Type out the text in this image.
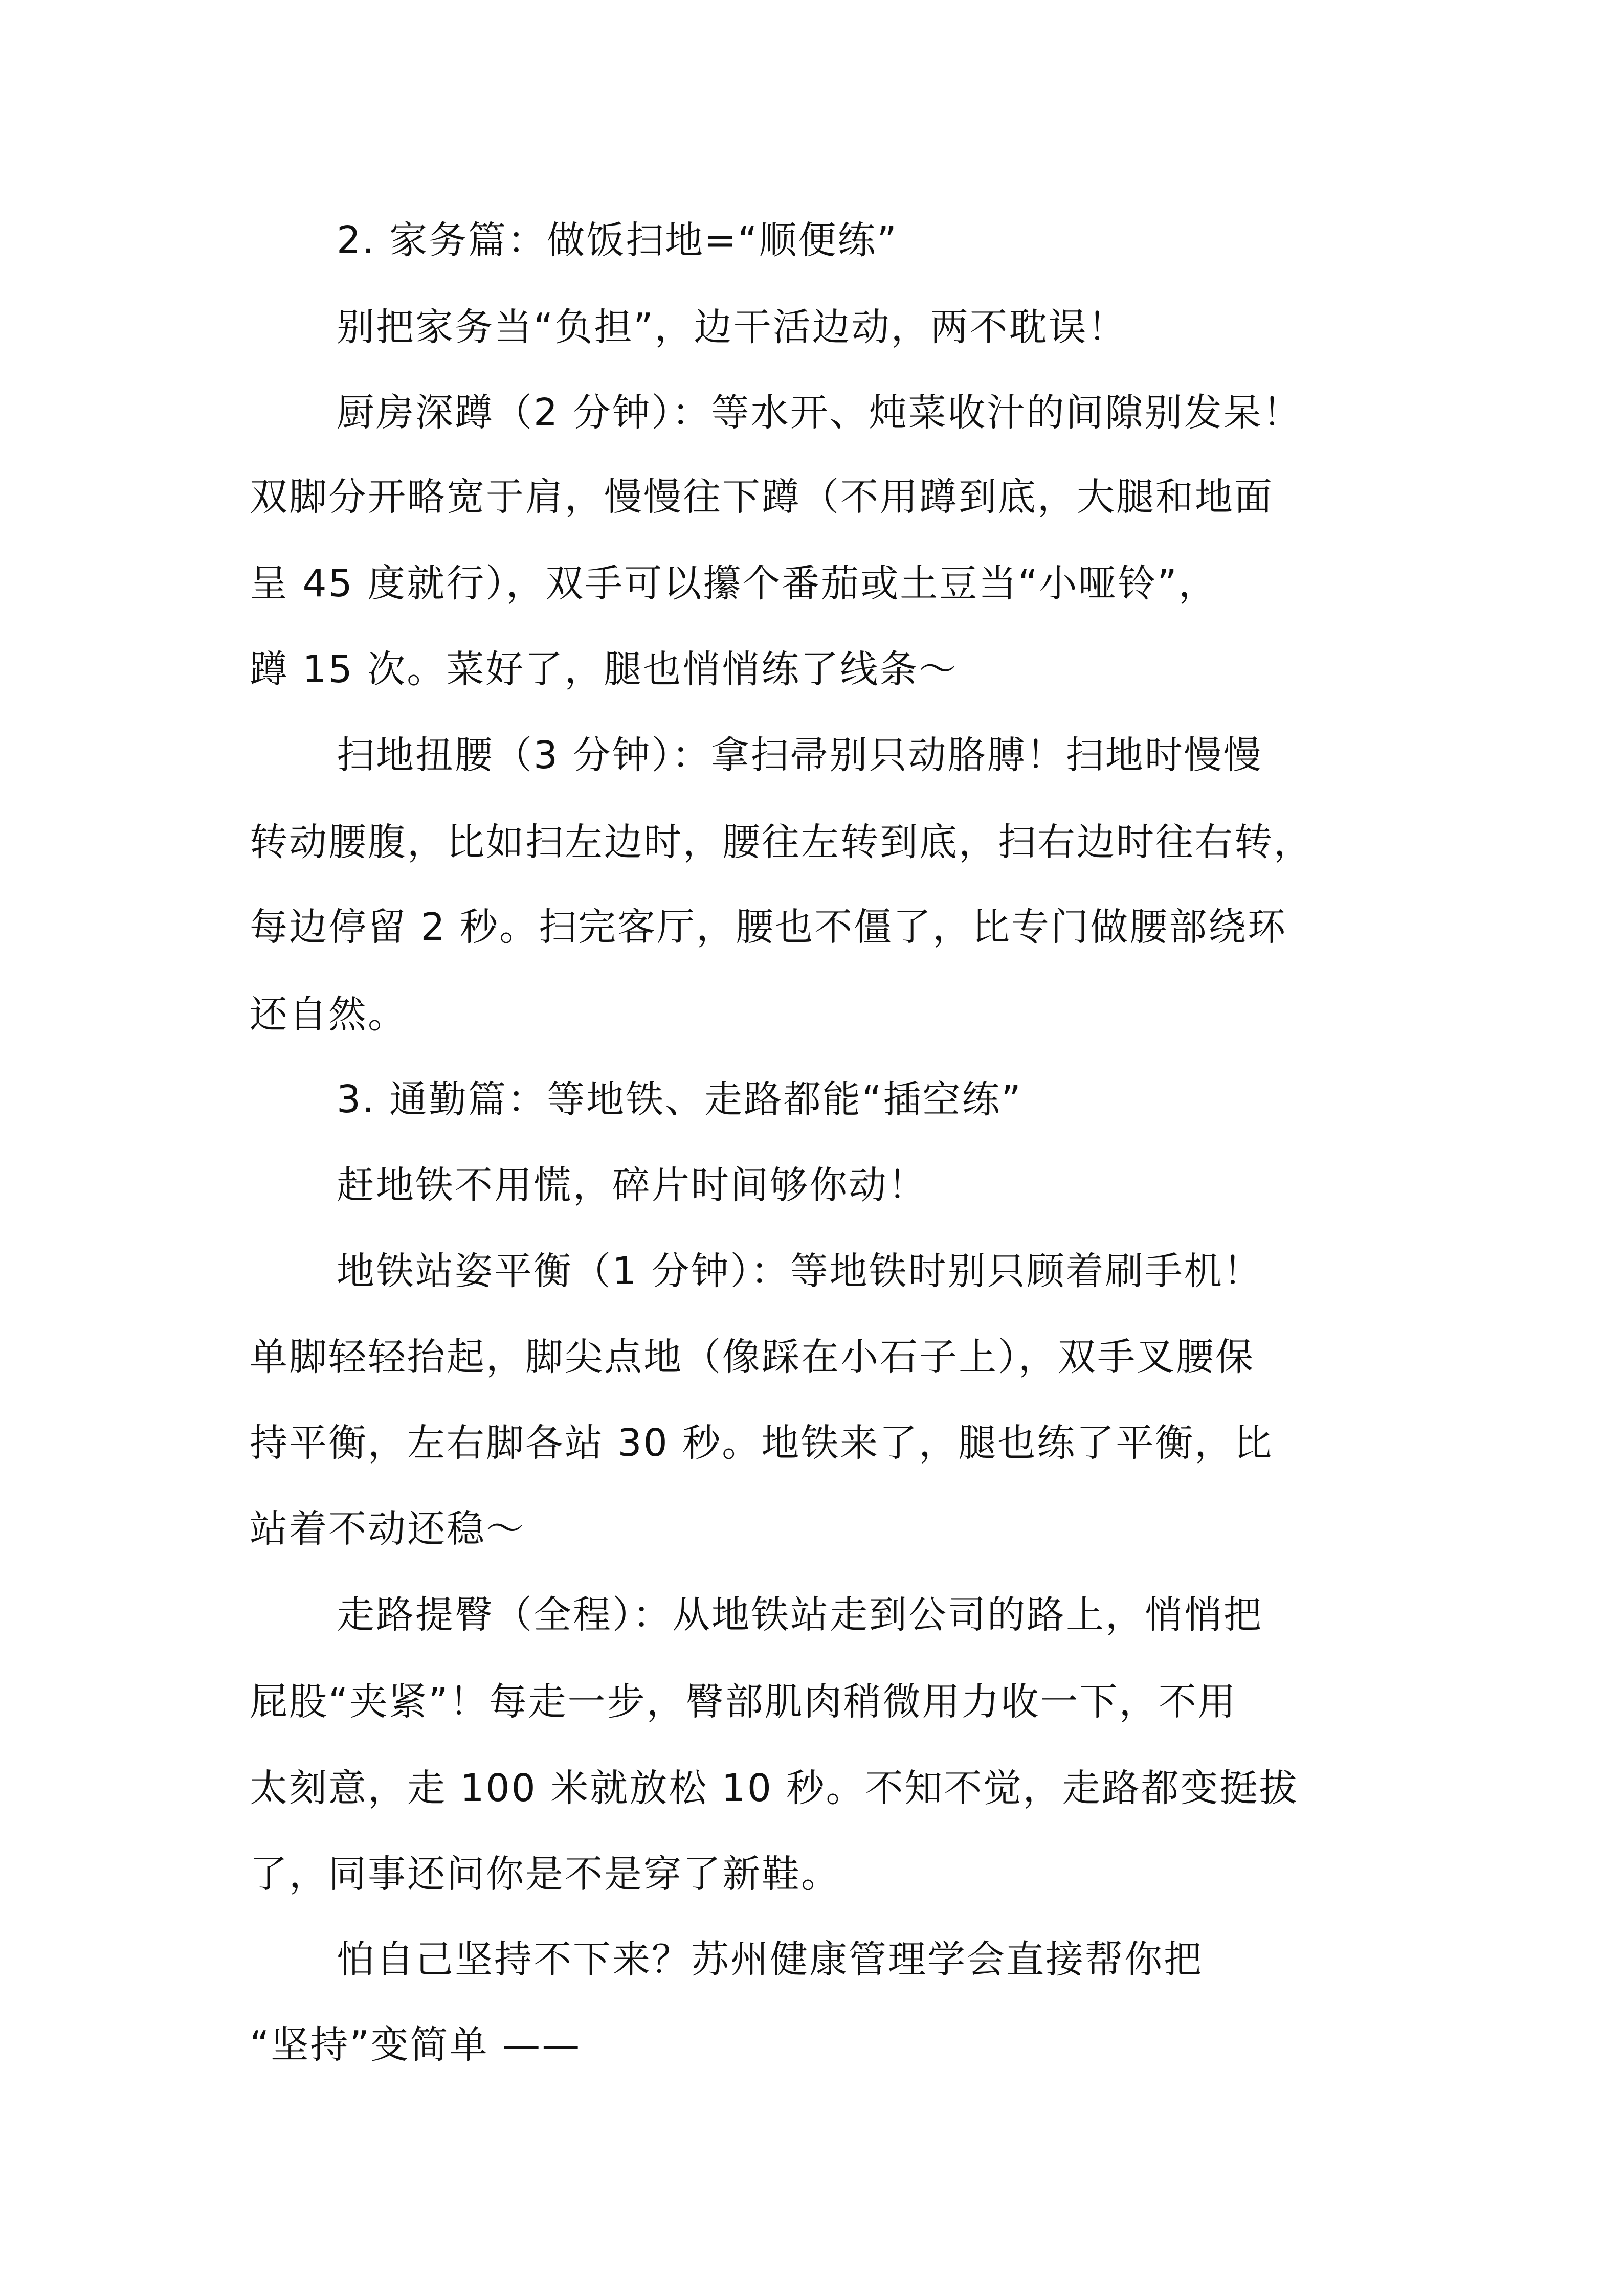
2. 家务篇：做饭扫地=“顺便练”
别把家务当“负担”，边干活边动，两不耽误！
厨房深蹲（2 分钟）：等水开、炖菜收汁的间隙别发呆！
双脚分开略宽于肩，慢慢往下蹲（不用蹲到底，大腿和地面
呈 45 度就行），双手可以攥个番茄或土豆当“小哑铃”，
蹲 15 次。菜好了，腿也悄悄练了线条～
扫地扭腰（3 分钟）：拿扫帚别只动胳膊！扫地时慢慢
转动腰腹，比如扫左边时，腰往左转到底，扫右边时往右转，
每边停留 2 秒。扫完客厅，腰也不僵了，比专门做腰部绕环
还自然。
3. 通勤篇：等地铁、走路都能“插空练”
赶地铁不用慌，碎片时间够你动！
地铁站姿平衡（1 分钟）：等地铁时别只顾着刷手机！
单脚轻轻抬起，脚尖点地（像踩在小石子上），双手叉腰保
持平衡，左右脚各站 30 秒。地铁来了，腿也练了平衡，比
站着不动还稳～
走路提臀（全程）：从地铁站走到公司的路上，悄悄把
屁股“夹紧”！每走一步，臀部肌肉稍微用力收一下，不用
太刻意，走 100 米就放松 10 秒。不知不觉，走路都变挺拔
了，同事还问你是不是穿了新鞋。
怕自己坚持不下来？苏州健康管理学会直接帮你把
“坚持”变简单 ——
